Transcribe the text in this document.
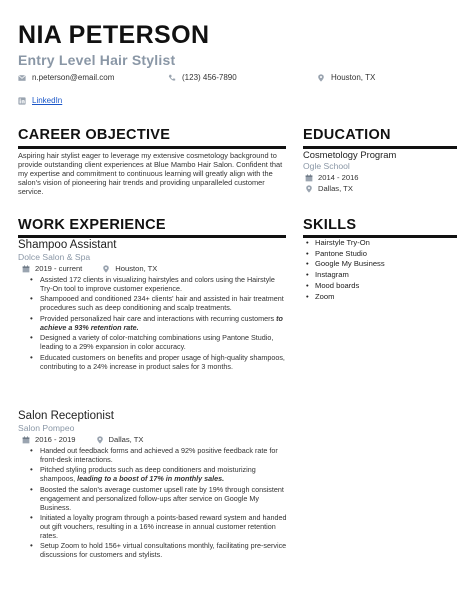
NIA PETERSON
Entry Level Hair Stylist
n.peterson@email.com	(123) 456-7890	Houston, TX
LinkedIn
CAREER OBJECTIVE
Aspiring hair stylist eager to leverage my extensive cosmetology background to provide outstanding client experiences at Blue Mambo Hair Salon. Confident that my expertise and commitment to continuous learning will greatly align with the salon's vision of pioneering hair trends and providing unparalleled customer service.
WORK EXPERIENCE
Shampoo Assistant
Dolce Salon & Spa
2019 - current	Houston, TX
• Assisted 172 clients in visualizing hairstyles and colors using the Hairstyle Try-On tool to improve customer experience.
• Shampooed and conditioned 234+ clients' hair and assisted in hair treatment procedures such as deep conditioning and scalp treatments.
• Provided personalized hair care and interactions with recurring customers to achieve a 93% retention rate.
• Designed a variety of color-matching combinations using Pantone Studio, leading to a 29% expansion in color accuracy.
• Educated customers on benefits and proper usage of high-quality shampoos, contributing to a 24% increase in product sales for 3 months.
Salon Receptionist
Salon Pompeo
2016 - 2019	Dallas, TX
• Handed out feedback forms and achieved a 92% positive feedback rate for front-desk interactions.
• Pitched styling products such as deep conditioners and moisturizing shampoos, leading to a boost of 17% in monthly sales.
• Boosted the salon's average customer upsell rate by 19% through consistent engagement and personalized follow-ups after service on Google My Business.
• Initiated a loyalty program through a points-based reward system and handed out gift vouchers, resulting in a 16% increase in annual customer retention rates.
• Setup Zoom to hold 156+ virtual consultations monthly, facilitating pre-service discussions for customers and stylists.
EDUCATION
Cosmetology Program
Ogle School
2014 - 2016
Dallas, TX
SKILLS
• Hairstyle Try-On
• Pantone Studio
• Google My Business
• Instagram
• Mood boards
• Zoom
